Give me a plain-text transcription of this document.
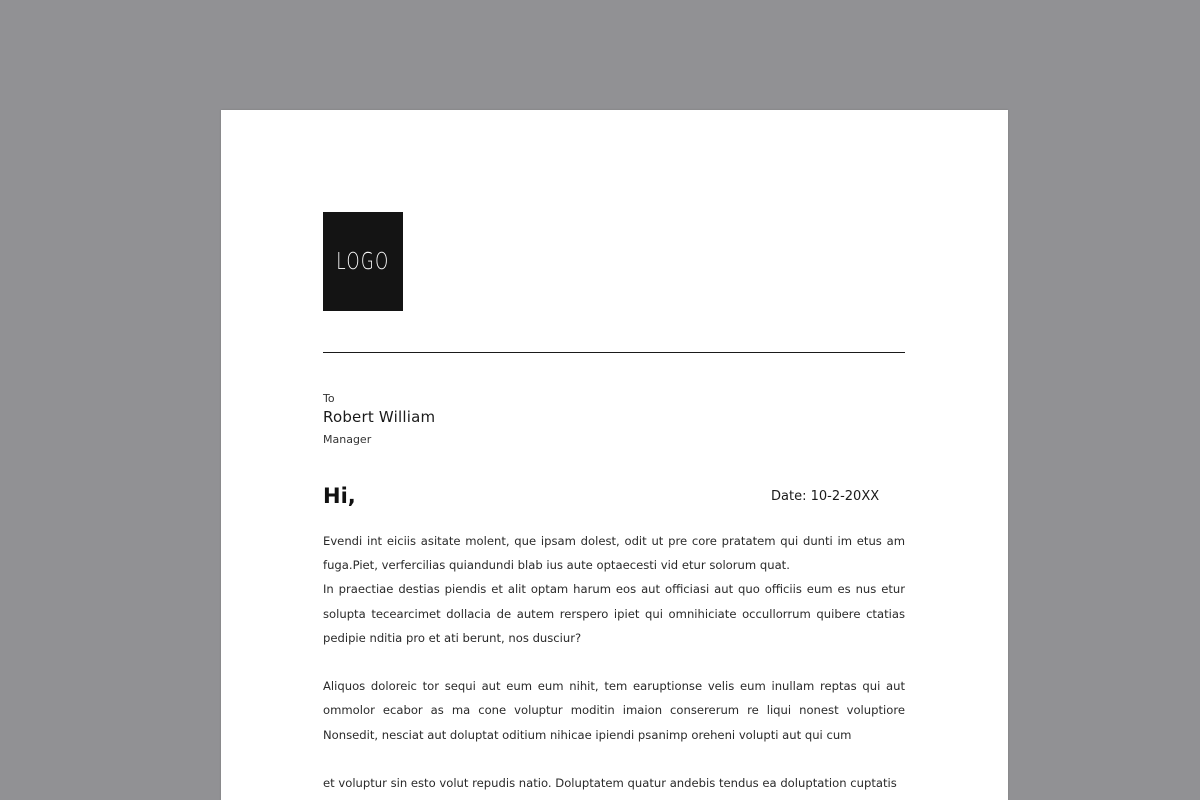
LOGO
To
Robert William
Manager
Hi,	Date: 10-2-20XX
Evendi int eiciis asitate molent, que ipsam dolest, odit ut pre core pratatem qui dunti im etus am fuga.Piet, verfercilias quiandundi blab ius aute optaecesti vid etur solorum quat.
In praectiae destias piendis et alit optam harum eos aut officiasi aut quo officiis eum es nus etur solupta tecearcimet dollacia de autem rerspero ipiet qui omnihiciate occullorrum quibere ctatias pedipie nditia pro et ati berunt, nos dusciur?
Aliquos doloreic tor sequi aut eum eum nihit, tem earuptionse velis eum inullam reptas qui aut ommolor ecabor as ma cone voluptur moditin imaion consererum re liqui nonest voluptiore Nonsedit, nesciat aut doluptat oditium nihicae ipiendi psanimp oreheni volupti aut qui cum
et voluptur sin esto volut repudis natio. Doluptatem quatur andebis tendus ea doluptation cuptatis
